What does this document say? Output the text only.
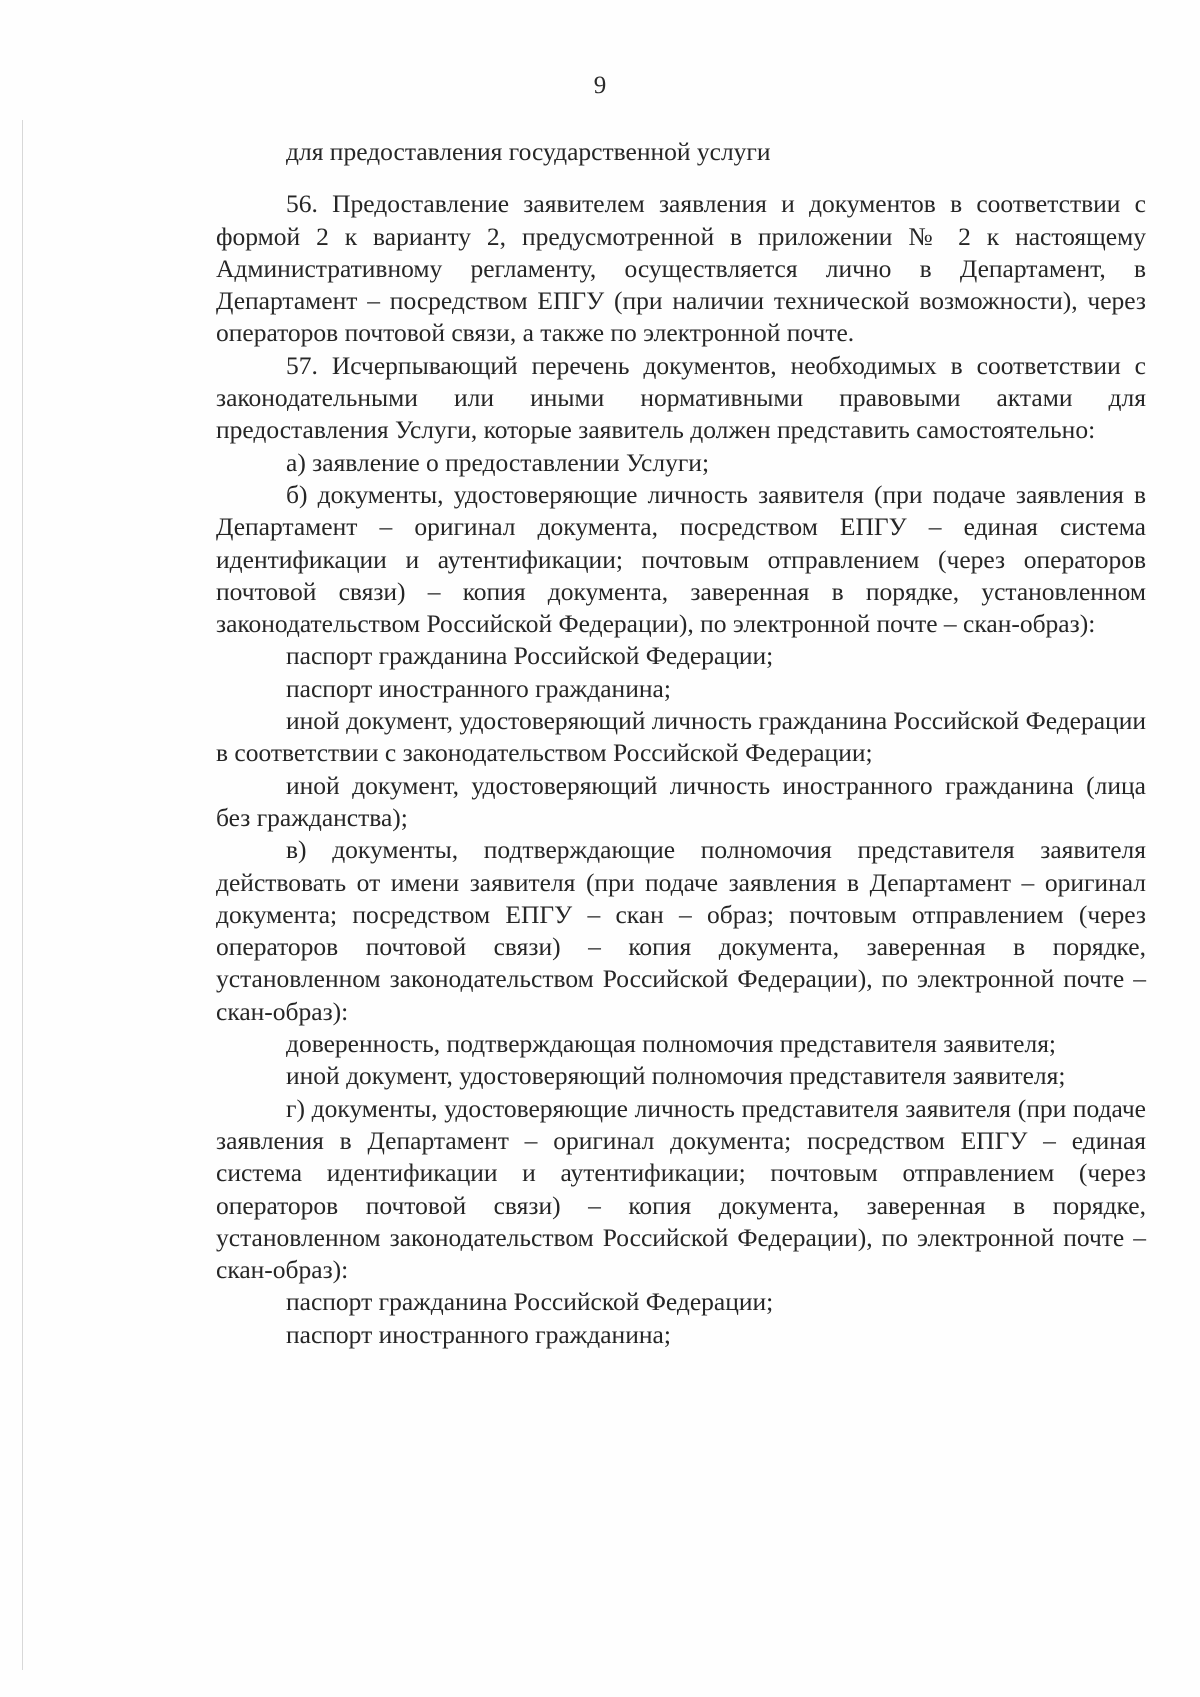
9

для предоставления государственной услуги

56. Предоставление заявителем заявления и документов в соответствии с формой 2 к варианту 2, предусмотренной в приложении № 2 к настоящему Административному регламенту, осуществляется лично в Департамент, в Департамент – посредством ЕПГУ (при наличии технической возможности), через операторов почтовой связи, а также по электронной почте.

57. Исчерпывающий перечень документов, необходимых в соответствии с законодательными или иными нормативными правовыми актами для предоставления Услуги, которые заявитель должен представить самостоятельно:

а) заявление о предоставлении Услуги;

б) документы, удостоверяющие личность заявителя (при подаче заявления в Департамент – оригинал документа, посредством ЕПГУ – единая система идентификации и аутентификации; почтовым отправлением (через операторов почтовой связи) – копия документа, заверенная в порядке, установленном законодательством Российской Федерации), по электронной почте – скан-образ):

паспорт гражданина Российской Федерации;

паспорт иностранного гражданина;

иной документ, удостоверяющий личность гражданина Российской Федерации в соответствии с законодательством Российской Федерации;

иной документ, удостоверяющий личность иностранного гражданина (лица без гражданства);

в) документы, подтверждающие полномочия представителя заявителя действовать от имени заявителя (при подаче заявления в Департамент – оригинал документа; посредством ЕПГУ – скан – образ; почтовым отправлением (через операторов почтовой связи) – копия документа, заверенная в порядке, установленном законодательством Российской Федерации), по электронной почте – скан-образ):

доверенность, подтверждающая полномочия представителя заявителя;

иной документ, удостоверяющий полномочия представителя заявителя;

г) документы, удостоверяющие личность представителя заявителя (при подаче заявления в Департамент – оригинал документа; посредством ЕПГУ – единая система идентификации и аутентификации; почтовым отправлением (через операторов почтовой связи) – копия документа, заверенная в порядке, установленном законодательством Российской Федерации), по электронной почте – скан-образ):

паспорт гражданина Российской Федерации;

паспорт иностранного гражданина;
